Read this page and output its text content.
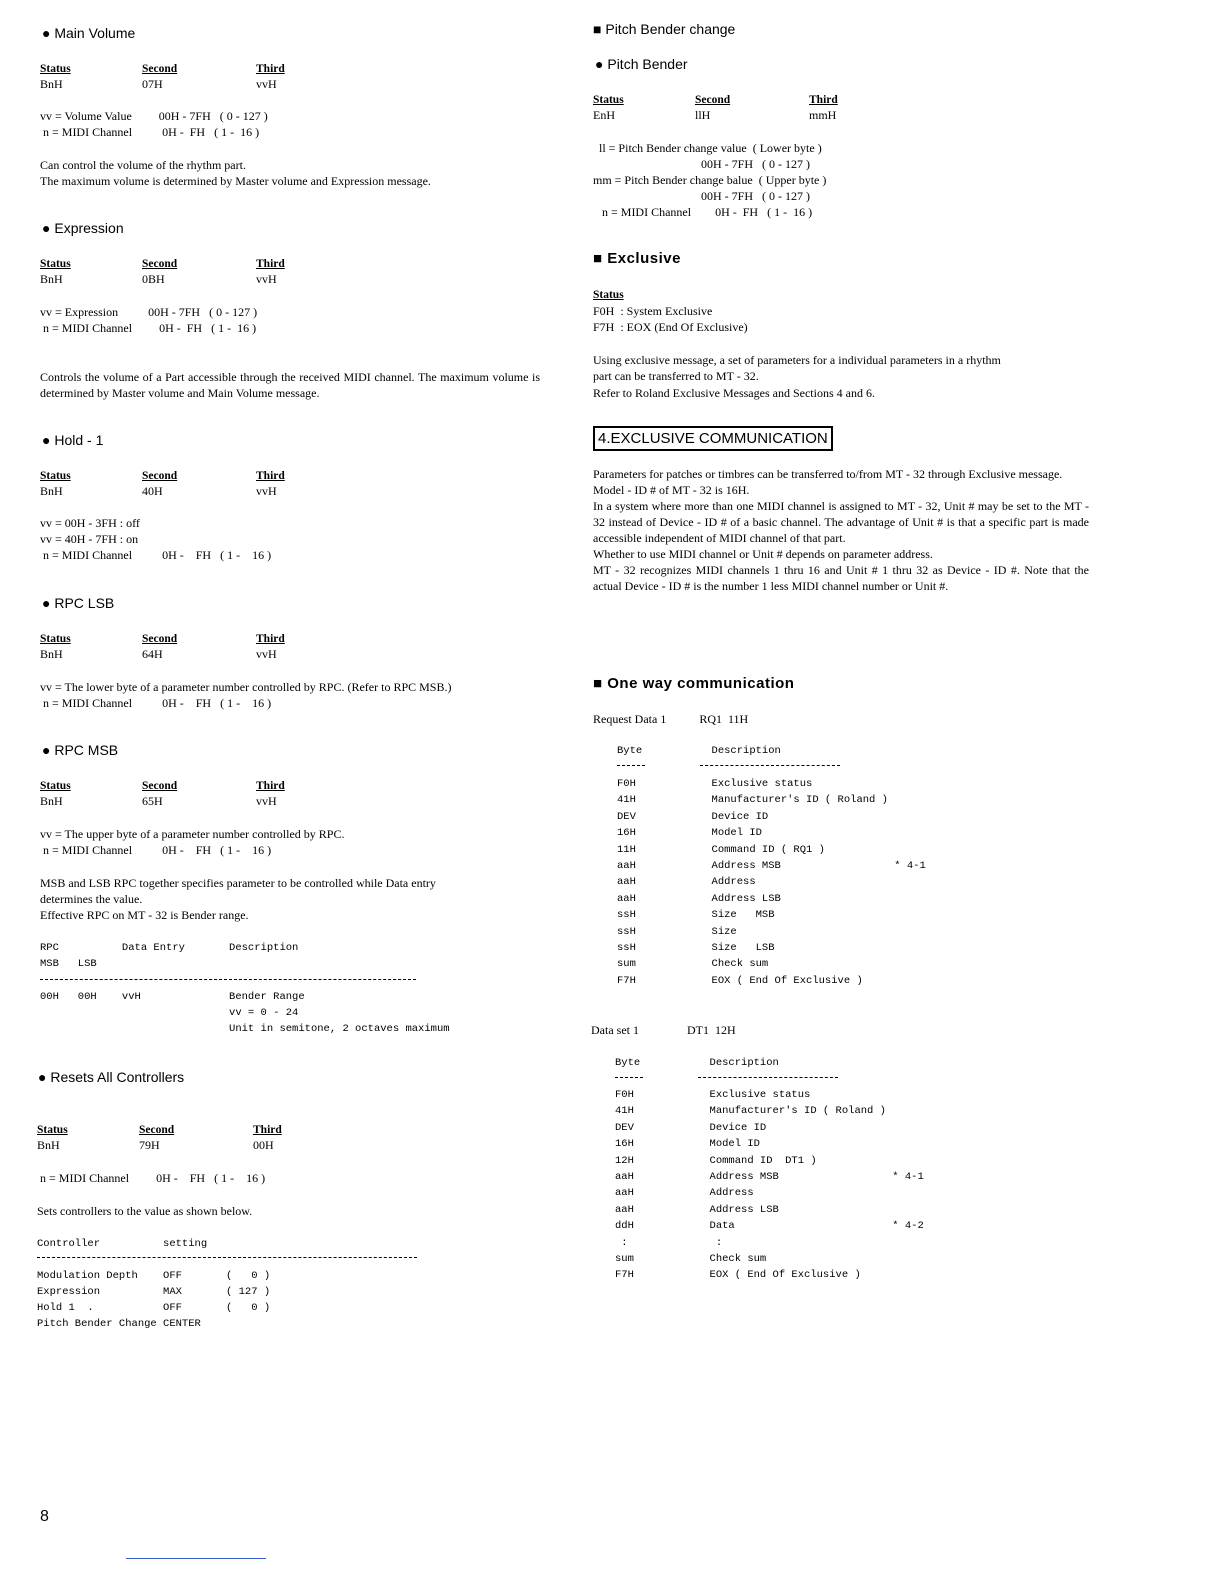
● Main Volume
Status	Second	Third
BnH	07H	vvH
vv = Volume Value         00H - 7FH   ( 0 - 127 )
n = MIDI Channel          0H -  FH   ( 1 -  16 )
Can control the volume of the rhythm part.
The maximum volume is determined by Master volume and Expression message.
● Expression
Status	Second	Third
BnH	0BH	vvH
vv = Expression          00H - 7FH   ( 0 - 127 )
n = MIDI Channel         0H -  FH   ( 1 -  16 )
Controls the volume of a Part accessible through the received MIDI channel. The maximum volume is determined by Master volume and Main Volume message.
● Hold - 1
Status	Second	Third
BnH	40H	vvH
vv = 00H - 3FH : off
vv = 40H - 7FH : on
n = MIDI Channel          0H -    FH   ( 1 -    16 )
● RPC LSB
Status	Second	Third
BnH	64H	vvH
vv = The lower byte of a parameter number controlled by RPC. (Refer to RPC MSB.)
n = MIDI Channel          0H -    FH   ( 1 -    16 )
● RPC MSB
Status	Second	Third
BnH	65H	vvH
vv = The upper byte of a parameter number controlled by RPC.
n = MIDI Channel          0H -    FH   ( 1 -    16 )
MSB and LSB RPC together specifies parameter to be controlled while Data entry
determines the value.
Effective RPC on MT - 32 is Bender range.
RPC          Data Entry       Description
MSB   LSB
00H   00H    vvH              Bender Range
vv = 0 - 24
Unit in semitone, 2 octaves maximum
● Resets All Controllers
Status	Second	Third
BnH	79H	00H
n = MIDI Channel         0H -    FH   ( 1 -    16 )
Sets controllers to the value as shown below.
Controller          setting
Modulation Depth    OFF       (   0 )
Expression          MAX       ( 127 )
Hold 1  .           OFF       (   0 )
Pitch Bender Change CENTER
■ Pitch Bender change
● Pitch Bender
Status	Second	Third
EnH	llH	mmH
ll = Pitch Bender change value  ( Lower byte )
00H - 7FH   ( 0 - 127 )
mm = Pitch Bender change balue  ( Upper byte )
00H - 7FH   ( 0 - 127 )
n = MIDI Channel        0H -  FH   ( 1 -  16 )
■ Exclusive
Status
F0H  : System Exclusive
F7H  : EOX (End Of Exclusive)
Using exclusive message, a set of parameters for a individual parameters in a rhythm
part can be transferred to MT - 32.
Refer to Roland Exclusive Messages and Sections 4 and 6.
4.EXCLUSIVE COMMUNICATION
Parameters for patches or timbres can be transferred to/from MT - 32 through Exclusive message.
Model - ID # of MT - 32 is 16H.
In a system where more than one MIDI channel is assigned to MT - 32, Unit # may be set to the MT - 32 instead of Device - ID # of a basic channel. The advantage of Unit # is that a specific part is made accessible independent of MIDI channel of that part.
Whether to use MIDI channel or Unit # depends on parameter address.
MT - 32 recognizes MIDI channels 1 thru 16 and Unit # 1 thru 32 as Device - ID #. Note that the actual Device - ID # is the number 1 less MIDI channel number or Unit #.
■ One way communication
Request Data 1           RQ1  11H
Byte           Description
F0H            Exclusive status
41H            Manufacturer's ID ( Roland )
DEV            Device ID
16H            Model ID
11H            Command ID ( RQ1 )
aaH            Address MSB                  * 4-1
aaH            Address
aaH            Address LSB
ssH            Size   MSB
ssH            Size
ssH            Size   LSB
sum            Check sum
F7H            EOX ( End Of Exclusive )
Data set 1                DT1  12H
Byte           Description
F0H            Exclusive status
41H            Manufacturer's ID ( Roland )
DEV            Device ID
16H            Model ID
12H            Command ID  DT1 )
aaH            Address MSB                  * 4-1
aaH            Address
aaH            Address LSB
ddH            Data                         * 4-2
:              :
sum            Check sum
F7H            EOX ( End Of Exclusive )
8
